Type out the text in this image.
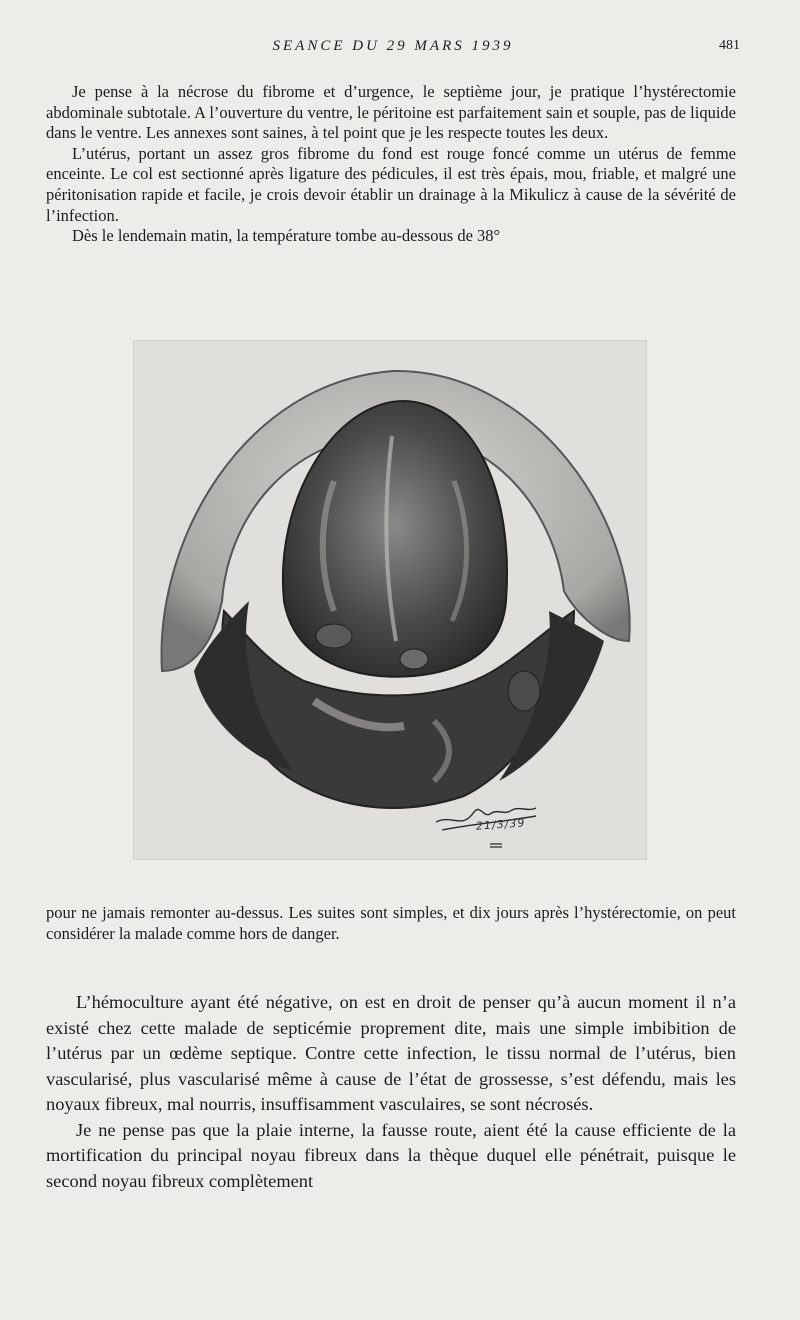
SEANCE DU 29 MARS 1939	481

Je pense à la nécrose du fibrome et d’urgence, le septième jour, je pratique l’hystérectomie abdominale subtotale. A l’ouverture du ventre, le péritoine est parfaitement sain et souple, pas de liquide dans le ventre. Les annexes sont saines, à tel point que je les respecte toutes les deux.

L’utérus, portant un assez gros fibrome du fond est rouge foncé comme un utérus de femme enceinte. Le col est sectionné après ligature des pédicules, il est très épais, mou, friable, et malgré une péritonisation rapide et facile, je crois devoir établir un drainage à la Mikulicz à cause de la sévérité de l’infection.

Dès le lendemain matin, la température tombe au-dessous de 38°

21/3/39

pour ne jamais remonter au-dessus. Les suites sont simples, et dix jours après l’hystérectomie, on peut considérer la malade comme hors de danger.

L’hémoculture ayant été négative, on est en droit de penser qu’à aucun moment il n’a existé chez cette malade de septicémie proprement dite, mais une simple imbibition de l’utérus par un œdème septique. Contre cette infection, le tissu normal de l’utérus, bien vascularisé, plus vascularisé même à cause de l’état de grossesse, s’est défendu, mais les noyaux fibreux, mal nourris, insuffisamment vasculaires, se sont nécrosés.

Je ne pense pas que la plaie interne, la fausse route, aient été la cause efficiente de la mortification du principal noyau fibreux dans la thèque duquel elle pénétrait, puisque le second noyau fibreux complètement
